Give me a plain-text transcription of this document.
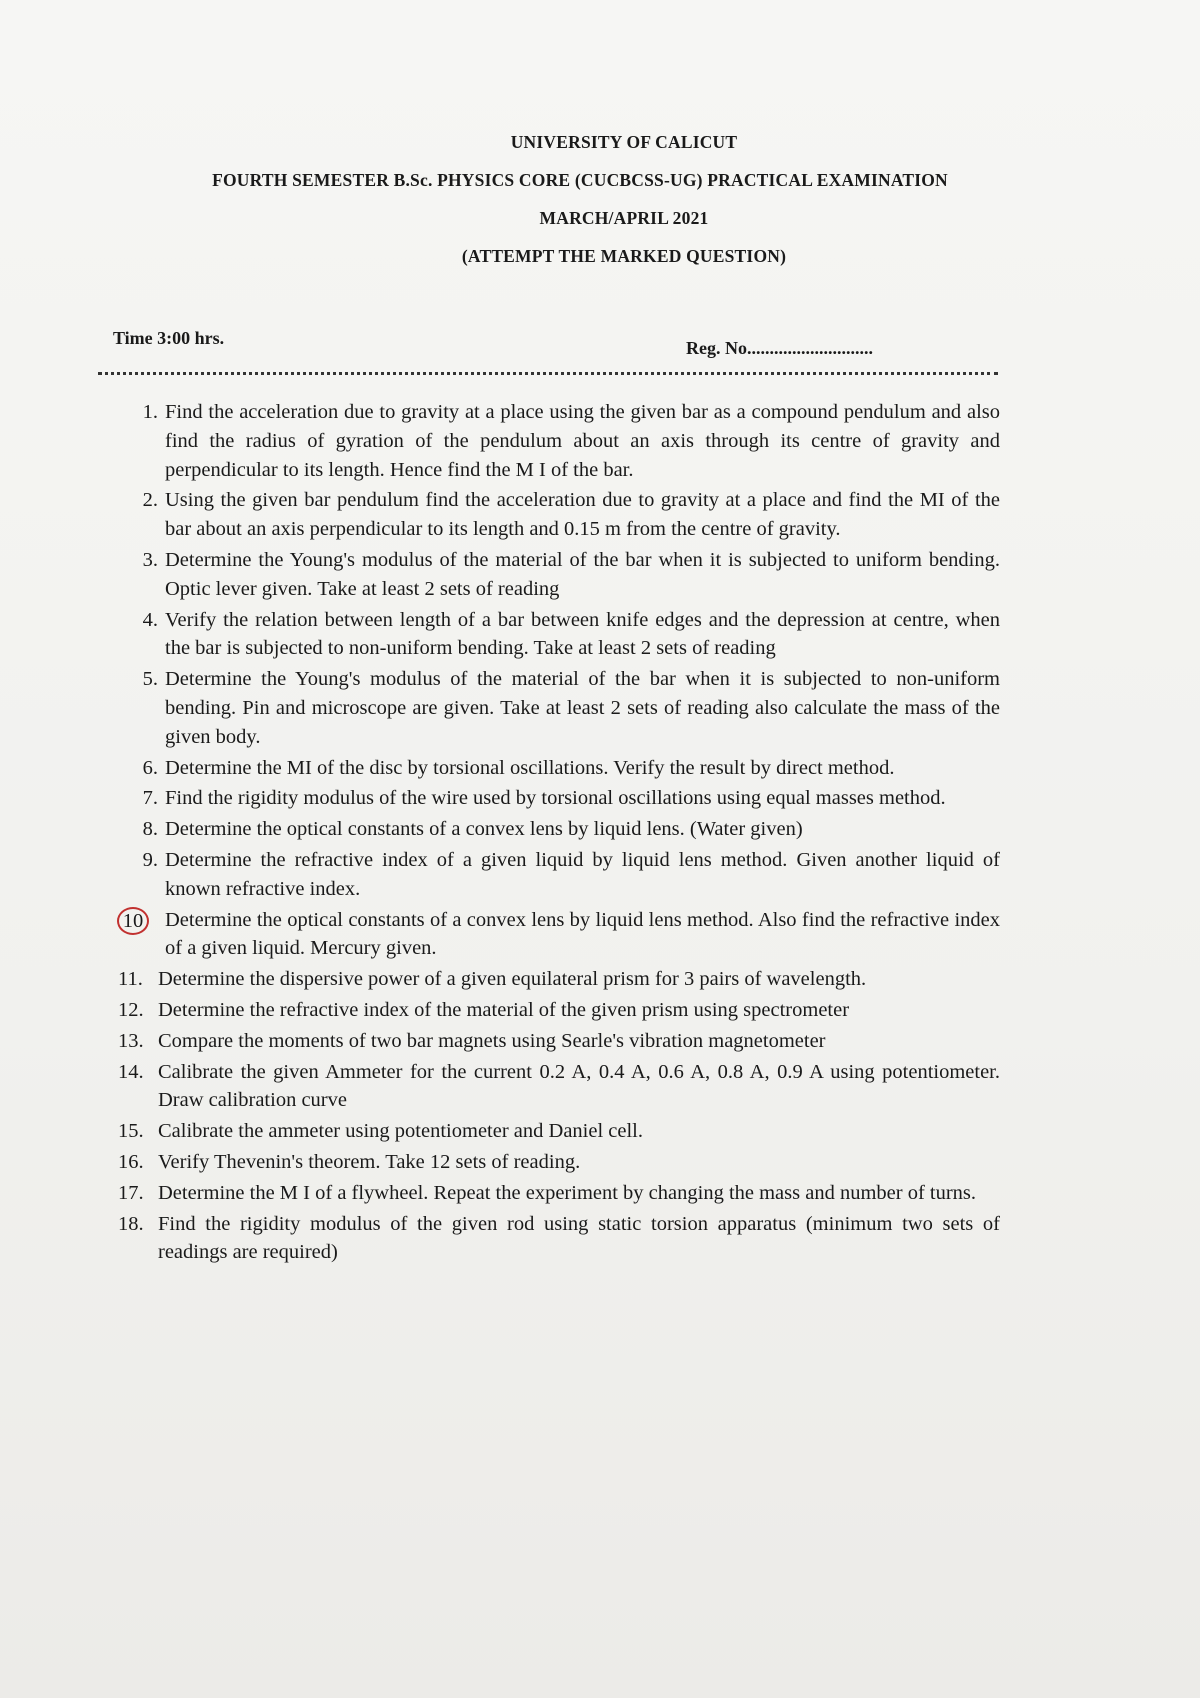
UNIVERSITY OF CALICUT
FOURTH SEMESTER B.Sc. PHYSICS CORE (CUCBCSS-UG) PRACTICAL EXAMINATION
MARCH/APRIL 2021
(ATTEMPT THE MARKED QUESTION)
Time 3:00 hrs.	Reg. No............................
1. Find the acceleration due to gravity at a place using the given bar as a compound pendulum and also find the radius of gyration of the pendulum about an axis through its centre of gravity and perpendicular to its length. Hence find the M I of the bar.
2. Using the given bar pendulum find the acceleration due to gravity at a place and find the MI of the bar about an axis perpendicular to its length and 0.15 m from the centre of gravity.
3. Determine the Young's modulus of the material of the bar when it is subjected to uniform bending. Optic lever given. Take at least 2 sets of reading
4. Verify the relation between length of a bar between knife edges and the depression at centre, when the bar is subjected to non-uniform bending. Take at least 2 sets of reading
5. Determine the Young's modulus of the material of the bar when it is subjected to non-uniform bending. Pin and microscope are given. Take at least 2 sets of reading also calculate the mass of the given body.
6. Determine the MI of the disc by torsional oscillations. Verify the result by direct method.
7. Find the rigidity modulus of the wire used by torsional oscillations using equal masses method.
8. Determine the optical constants of a convex lens by liquid lens. (Water given)
9. Determine the refractive index of a given liquid by liquid lens method. Given another liquid of known refractive index.
10 Determine the optical constants of a convex lens by liquid lens method. Also find the refractive index of a given liquid. Mercury given.
11. Determine the dispersive power of a given equilateral prism for 3 pairs of wavelength.
12. Determine the refractive index of the material of the given prism using spectrometer
13. Compare the moments of two bar magnets using Searle's vibration magnetometer
14. Calibrate the given Ammeter for the current 0.2 A, 0.4 A, 0.6 A, 0.8 A, 0.9 A using potentiometer. Draw calibration curve
15. Calibrate the ammeter using potentiometer and Daniel cell.
16. Verify Thevenin's theorem. Take 12 sets of reading.
17. Determine the M I of a flywheel. Repeat the experiment by changing the mass and number of turns.
18. Find the rigidity modulus of the given rod using static torsion apparatus (minimum two sets of readings are required)
